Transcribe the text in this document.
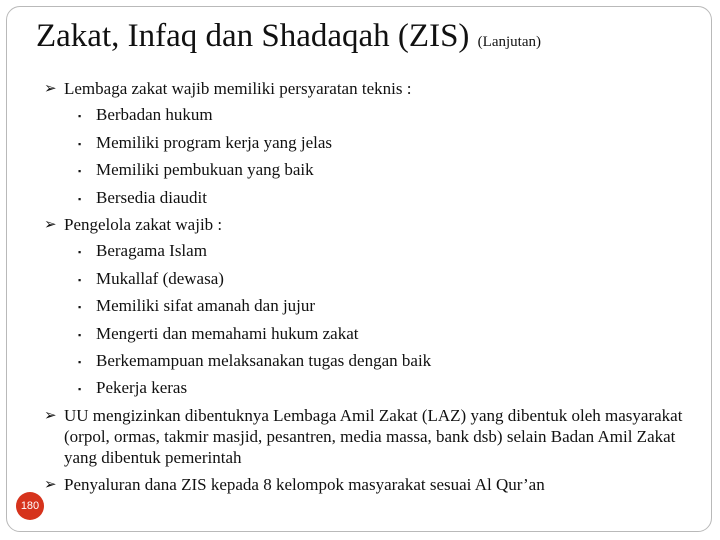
Zakat, Infaq dan Shadaqah (ZIS) (Lanjutan)
➢ Lembaga zakat wajib memiliki persyaratan teknis :
▪ Berbadan hukum
▪ Memiliki program kerja yang jelas
▪ Memiliki pembukuan yang baik
▪ Bersedia diaudit
➢ Pengelola zakat wajib :
▪ Beragama Islam
▪ Mukallaf (dewasa)
▪ Memiliki sifat amanah dan jujur
▪ Mengerti dan memahami hukum zakat
▪ Berkemampuan melaksanakan tugas dengan baik
▪ Pekerja keras
➢ UU mengizinkan dibentuknya Lembaga Amil Zakat (LAZ) yang dibentuk oleh masyarakat (orpol, ormas, takmir masjid, pesantren, media massa, bank dsb) selain Badan Amil Zakat yang dibentuk pemerintah
➢ Penyaluran dana ZIS kepada 8 kelompok masyarakat sesuai Al Qur’an
180
